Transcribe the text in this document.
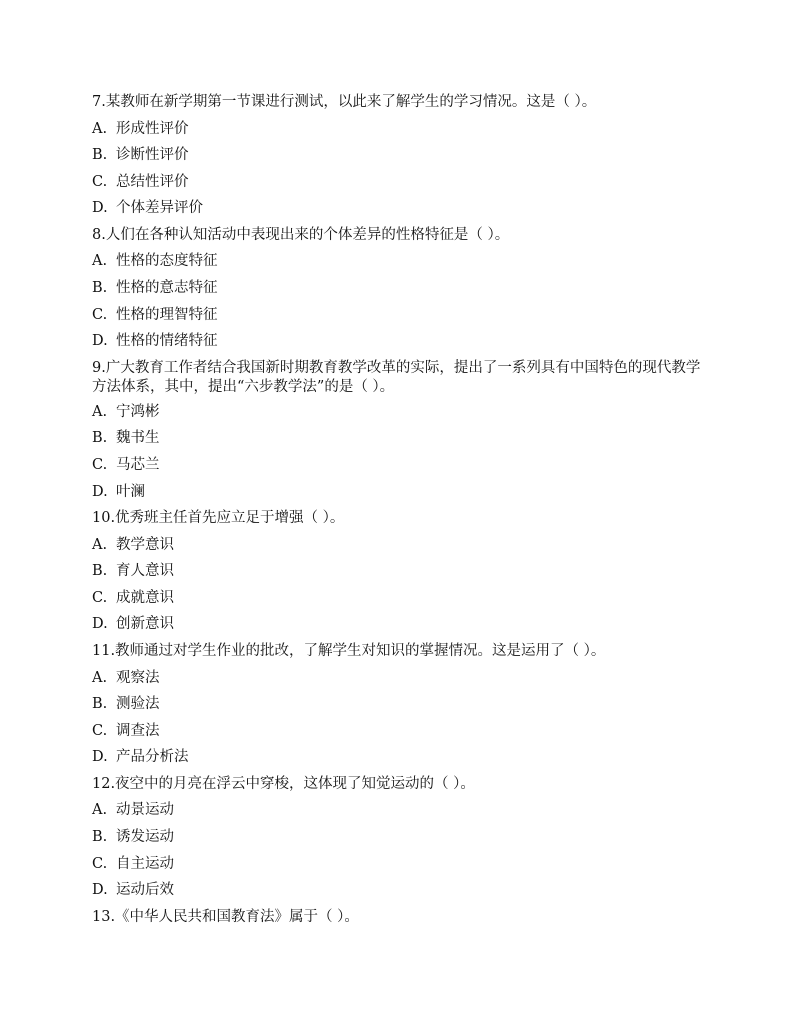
7.某教师在新学期第一节课进行测试，以此来了解学生的学习情况。这是（ ）。
A. 形成性评价
B. 诊断性评价
C. 总结性评价
D. 个体差异评价
8.人们在各种认知活动中表现出来的个体差异的性格特征是（ ）。
A. 性格的态度特征
B. 性格的意志特征
C. 性格的理智特征
D. 性格的情绪特征
9.广大教育工作者结合我国新时期教育教学改革的实际，提出了一系列具有中国特色的现代教学方法体系，其中，提出“六步教学法”的是（ ）。
A. 宁鸿彬
B. 魏书生
C. 马芯兰
D. 叶澜
10.优秀班主任首先应立足于增强（ ）。
A. 教学意识
B. 育人意识
C. 成就意识
D. 创新意识
11.教师通过对学生作业的批改，了解学生对知识的掌握情况。这是运用了（ ）。
A. 观察法
B. 测验法
C. 调查法
D. 产品分析法
12.夜空中的月亮在浮云中穿梭，这体现了知觉运动的（ ）。
A. 动景运动
B. 诱发运动
C. 自主运动
D. 运动后效
13.《中华人民共和国教育法》属于（ ）。
